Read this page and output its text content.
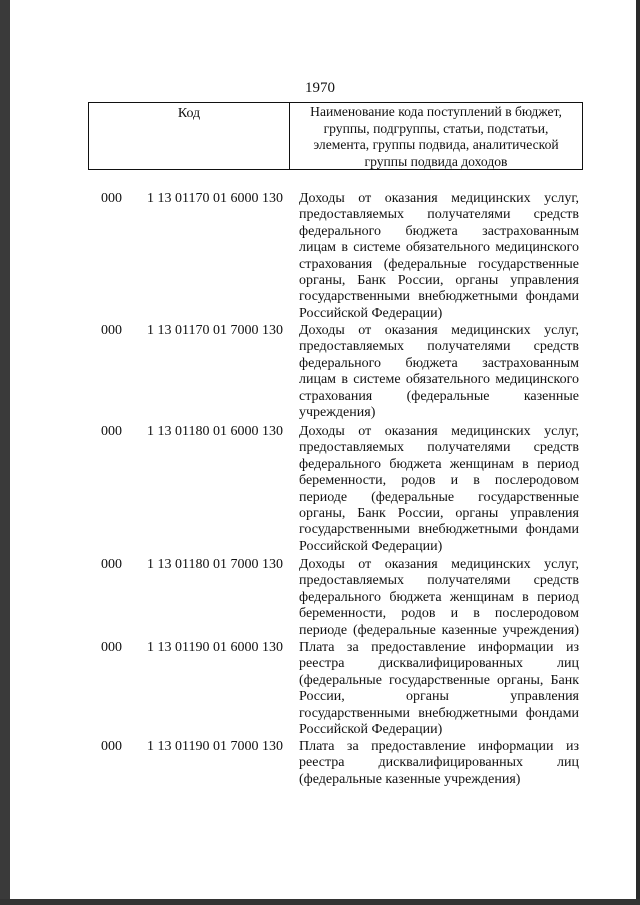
1970
Код	Наименование кода поступлений в бюджет,
группы, подгруппы, статьи, подстатьи,
элемента, группы подвида, аналитической
группы подвида доходов
000 1 13 01170 01 6000 130 Доходы от оказания медицинских услуг,
предоставляемых получателями средств
федерального бюджета застрахованным
лицам в системе обязательного медицинского
страхования (федеральные государственные
органы, Банк России, органы управления
государственными внебюджетными фондами
Российской Федерации)
000 1 13 01170 01 7000 130 Доходы от оказания медицинских услуг,
предоставляемых получателями средств
федерального бюджета застрахованным
лицам в системе обязательного медицинского
страхования (федеральные казенные
учреждения)
000 1 13 01180 01 6000 130 Доходы от оказания медицинских услуг,
предоставляемых получателями средств
федерального бюджета женщинам в период
беременности, родов и в послеродовом
периоде (федеральные государственные
органы, Банк России, органы управления
государственными внебюджетными фондами
Российской Федерации)
000 1 13 01180 01 7000 130 Доходы от оказания медицинских услуг,
предоставляемых получателями средств
федерального бюджета женщинам в период
беременности, родов и в послеродовом
периоде (федеральные казенные учреждения)
000 1 13 01190 01 6000 130 Плата за предоставление информации из
реестра дисквалифицированных лиц
(федеральные государственные органы, Банк
России, органы управления
государственными внебюджетными фондами
Российской Федерации)
000 1 13 01190 01 7000 130 Плата за предоставление информации из
реестра дисквалифицированных лиц
(федеральные казенные учреждения)
